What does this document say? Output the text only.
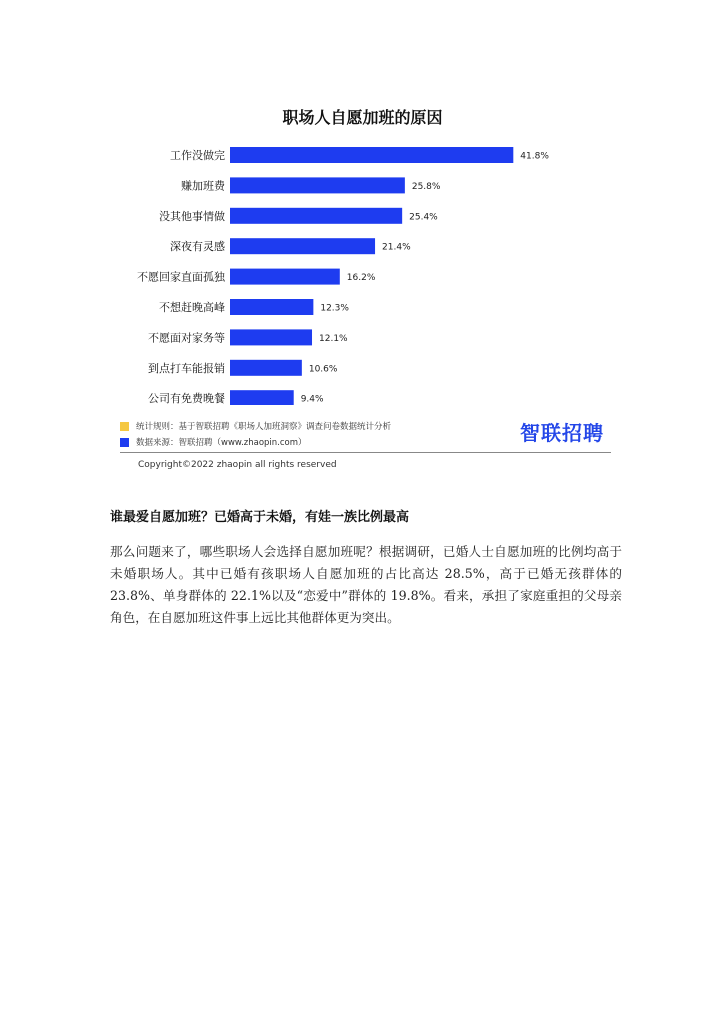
职场人自愿加班的原因
工作没做完	41.8%
赚加班费	25.8%
没其他事情做	25.4%
深夜有灵感	21.4%
不愿回家直面孤独	16.2%
不想赶晚高峰	12.3%
不愿面对家务等	12.1%
到点打车能报销	10.6%
公司有免费晚餐	9.4%
统计规则：基于智联招聘《职场人加班洞察》调查问卷数据统计分析
数据来源：智联招聘（www.zhaopin.com）	智联招聘
Copyright©2022 zhaopin all rights reserved
谁最爱自愿加班？已婚高于未婚，有娃一族比例最高
那么问题来了，哪些职场人会选择自愿加班呢？根据调研，已婚人士自愿加班的比例均高于未婚职场人。其中已婚有孩职场人自愿加班的占比高达 28.5%，高于已婚无孩群体的 23.8%、单身群体的 22.1%以及“恋爱中”群体的 19.8%。看来，承担了家庭重担的父母亲角色，在自愿加班这件事上远比其他群体更为突出。
